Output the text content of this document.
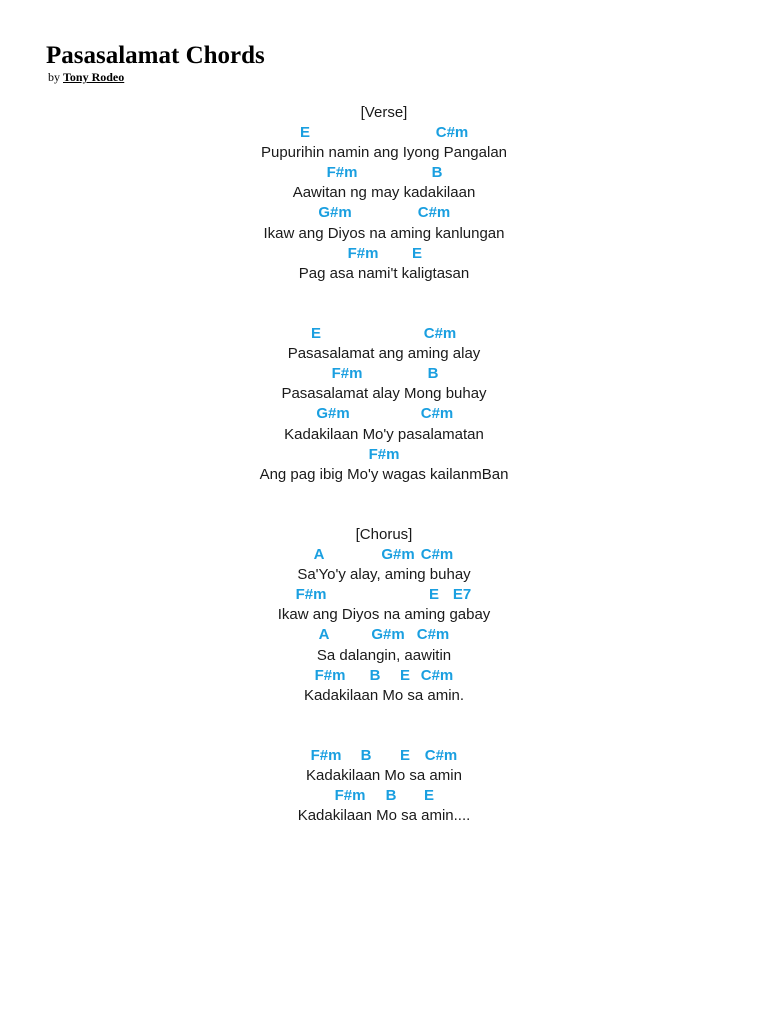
Pasasalamat Chords
by Tony Rodeo
[Verse]

E

	C#m

Pupurihin namin ang Iyong Pangalan

F#m

	B

Aawitan ng may kadakilaan

G#m

	C#m

Ikaw ang Diyos na aming kanlungan

F#m

E

Pag asa nami't kaligtasan

E

	C#m

Pasasalamat ang aming alay

F#m

	B

Pasasalamat alay Mong buhay

G#m

	C#m

Kadakilaan Mo'y pasalamatan

F#m

Ang pag ibig Mo'y wagas kailanmBan
[Chorus]

A

	G#m

C#m

Sa'Yo'y alay, aming buhay

F#m

	E

E7

Ikaw ang Diyos na aming gabay

A

	G#m

C#m

Sa dalangin, aawitin

F#m

B

E

C#m

Kadakilaan Mo sa amin.

F#m

B

E

C#m

Kadakilaan Mo sa amin

F#m

B

E

Kadakilaan Mo sa amin....
